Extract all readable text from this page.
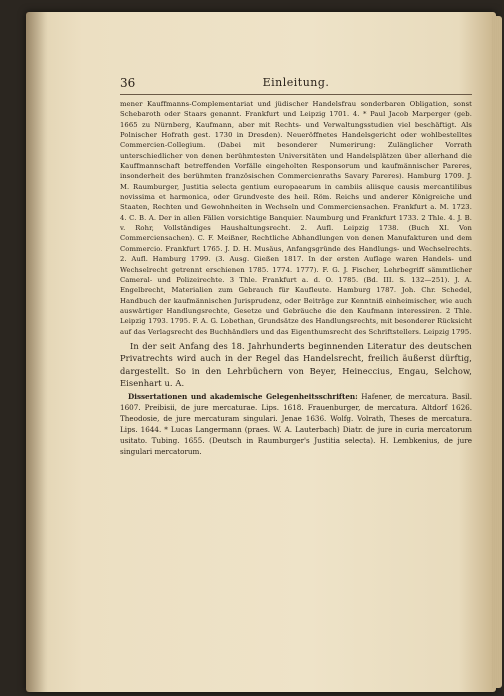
36	Einleitung.

mener Kauffmanns-Complementariat und jüdischer Handelsfrau sonderbaren Obligation, sonst Schebaroth oder Staars genannt. Frankfurt und Leipzig 1701. 4. * Paul Jacob Marperger (geb. 1665 zu Nürnberg, Kaufmann, aber mit Rechts- und Verwaltungsstudien viel beschäftigt. Als Polnischer Hofrath gest. 1730 in Dresden). Neueröffnetes Handelsgericht oder wohlbestelltes Commercien-Collegium. (Dabei mit besonderer Numerirung: Zulänglicher Vorrath unterschiedlicher von denen berühmtesten Universitäten und Handelsplätzen über allerhand die Kauffmannschaft betreffenden Vorfälle eingeholten Responsorum und kaufmännischer Pareres, insonderheit des berühmten französischen Commercienraths Savary Pareres). Hamburg 1709. J. M. Raumburger, Justitia selecta gentium europaearum in cambiis aliisque causis mercantilibus novissima et harmonica, oder Grundveste des heil. Röm. Reichs und anderer Königreiche und Staaten, Rechten und Gewohnheiten in Wechseln und Commerciensachen. Frankfurt a. M. 1723. 4. C. B. A. Der in allen Fällen vorsichtige Banquier. Naumburg und Frankfurt 1733. 2 Thle. 4. J. B. v. Rohr, Vollständiges Haushaltungsrecht. 2. Aufl. Leipzig 1738. (Buch XI. Von Commerciensachen). C. F. Meißner, Rechtliche Abhandlungen von denen Manufakturen und dem Commercio. Frankfurt 1765. J. D. H. Musäus, Anfangsgründe des Handlungs- und Wechselrechts. 2. Aufl. Hamburg 1799. (3. Ausg. Gießen 1817. In der ersten Auflage waren Handels- und Wechselrecht getrennt erschienen 1785. 1774. 1777). F. G. J. Fischer, Lehrbegriff sämmtlicher Cameral- und Polizeirechte. 3 Thle. Frankfurt a. d. O. 1785. (Bd. III. S. 132—251). J. A. Engelbrecht, Materialien zum Gebrauch für Kaufleute. Hamburg 1787. Joh. Chr. Schedel, Handbuch der kaufmännischen Jurisprudenz, oder Beiträge zur Kenntniß einheimischer, wie auch auswärtiger Handlungsrechte, Gesetze und Gebräuche die den Kaufmann interessiren. 2 Thle. Leipzig 1793. 1795. F. A. G. Lobethan, Grundsätze des Handlungsrechts, mit besonderer Rücksicht auf das Verlagsrecht des Buchhändlers und das Eigenthumsrecht des Schriftstellers. Leipzig 1795.

In der seit Anfang des 18. Jahrhunderts beginnenden Literatur des deutschen Privatrechts wird auch in der Regel das Handelsrecht, freilich äußerst dürftig, dargestellt. So in den Lehrbüchern von Beyer, Heineccius, Engau, Selchow, Eisenhart u. A.

Dissertationen und akademische Gelegenheitsschriften: Hafener, de mercatura. Basil. 1607. Preibisii, de jure mercaturae. Lips. 1618. Frauenburger, de mercatura. Altdorf 1626. Theodosie, de jure mercaturam singulari. Jenae 1636. Wolfg. Volrath, Theses de mercatura. Lips. 1644. * Lucas Langermann (praes. W. A. Lauterbach) Diatr. de jure in curia mercatorum usitato. Tubing. 1655. (Deutsch in Raumburger's Justitia selecta). H. Lembkenius, de jure singulari mercatorum.
